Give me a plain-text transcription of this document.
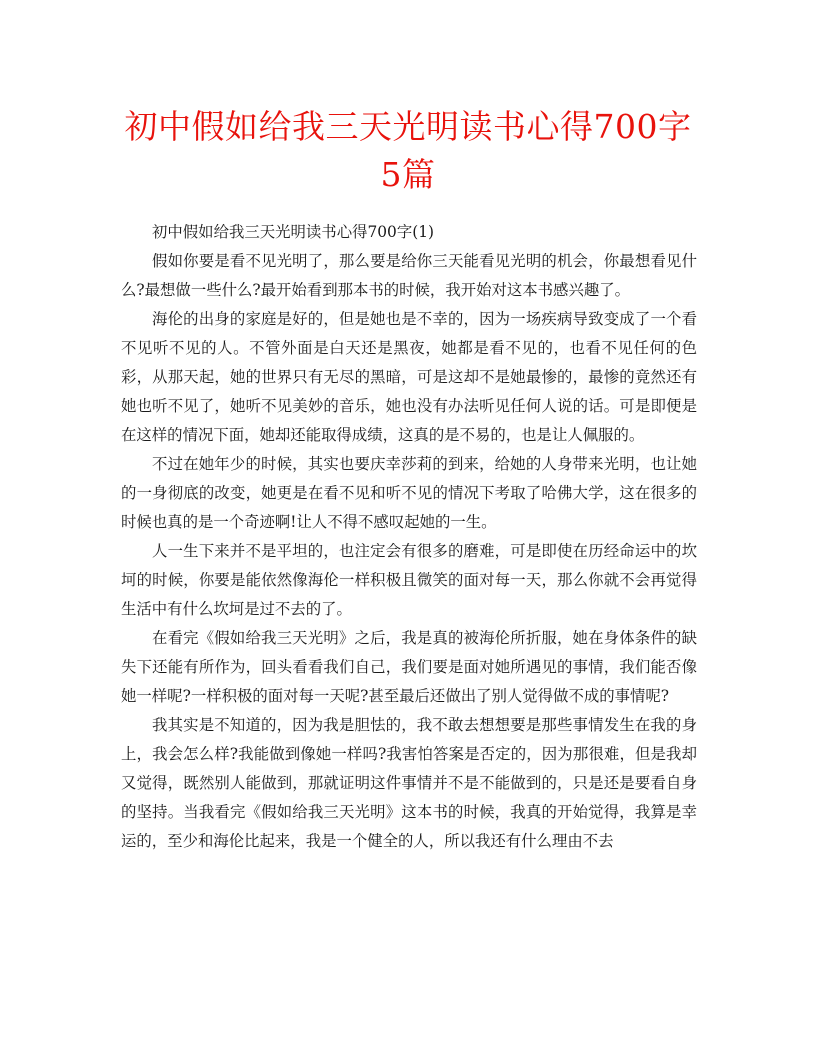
初中假如给我三天光明读书心得700字
5篇

初中假如给我三天光明读书心得700字(1)

假如你要是看不见光明了，那么要是给你三天能看见光明的机会，你最想看见什么?最想做一些什么?最开始看到那本书的时候，我开始对这本书感兴趣了。

海伦的出身的家庭是好的，但是她也是不幸的，因为一场疾病导致变成了一个看不见听不见的人。不管外面是白天还是黑夜，她都是看不见的，也看不见任何的色彩，从那天起，她的世界只有无尽的黑暗，可是这却不是她最惨的，最惨的竟然还有她也听不见了，她听不见美妙的音乐，她也没有办法听见任何人说的话。可是即便是在这样的情况下面，她却还能取得成绩，这真的是不易的，也是让人佩服的。

不过在她年少的时候，其实也要庆幸莎莉的到来，给她的人身带来光明，也让她的一身彻底的改变，她更是在看不见和听不见的情况下考取了哈佛大学，这在很多的时候也真的是一个奇迹啊!让人不得不感叹起她的一生。

人一生下来并不是平坦的，也注定会有很多的磨难，可是即使在历经命运中的坎坷的时候，你要是能依然像海伦一样积极且微笑的面对每一天，那么你就不会再觉得生活中有什么坎坷是过不去的了。

在看完《假如给我三天光明》之后，我是真的被海伦所折服，她在身体条件的缺失下还能有所作为，回头看看我们自己，我们要是面对她所遇见的事情，我们能否像她一样呢?一样积极的面对每一天呢?甚至最后还做出了别人觉得做不成的事情呢?

我其实是不知道的，因为我是胆怯的，我不敢去想想要是那些事情发生在我的身上，我会怎么样?我能做到像她一样吗?我害怕答案是否定的，因为那很难，但是我却又觉得，既然别人能做到，那就证明这件事情并不是不能做到的，只是还是要看自身的坚持。当我看完《假如给我三天光明》这本书的时候，我真的开始觉得，我算是幸运的，至少和海伦比起来，我是一个健全的人，所以我还有什么理由不去
